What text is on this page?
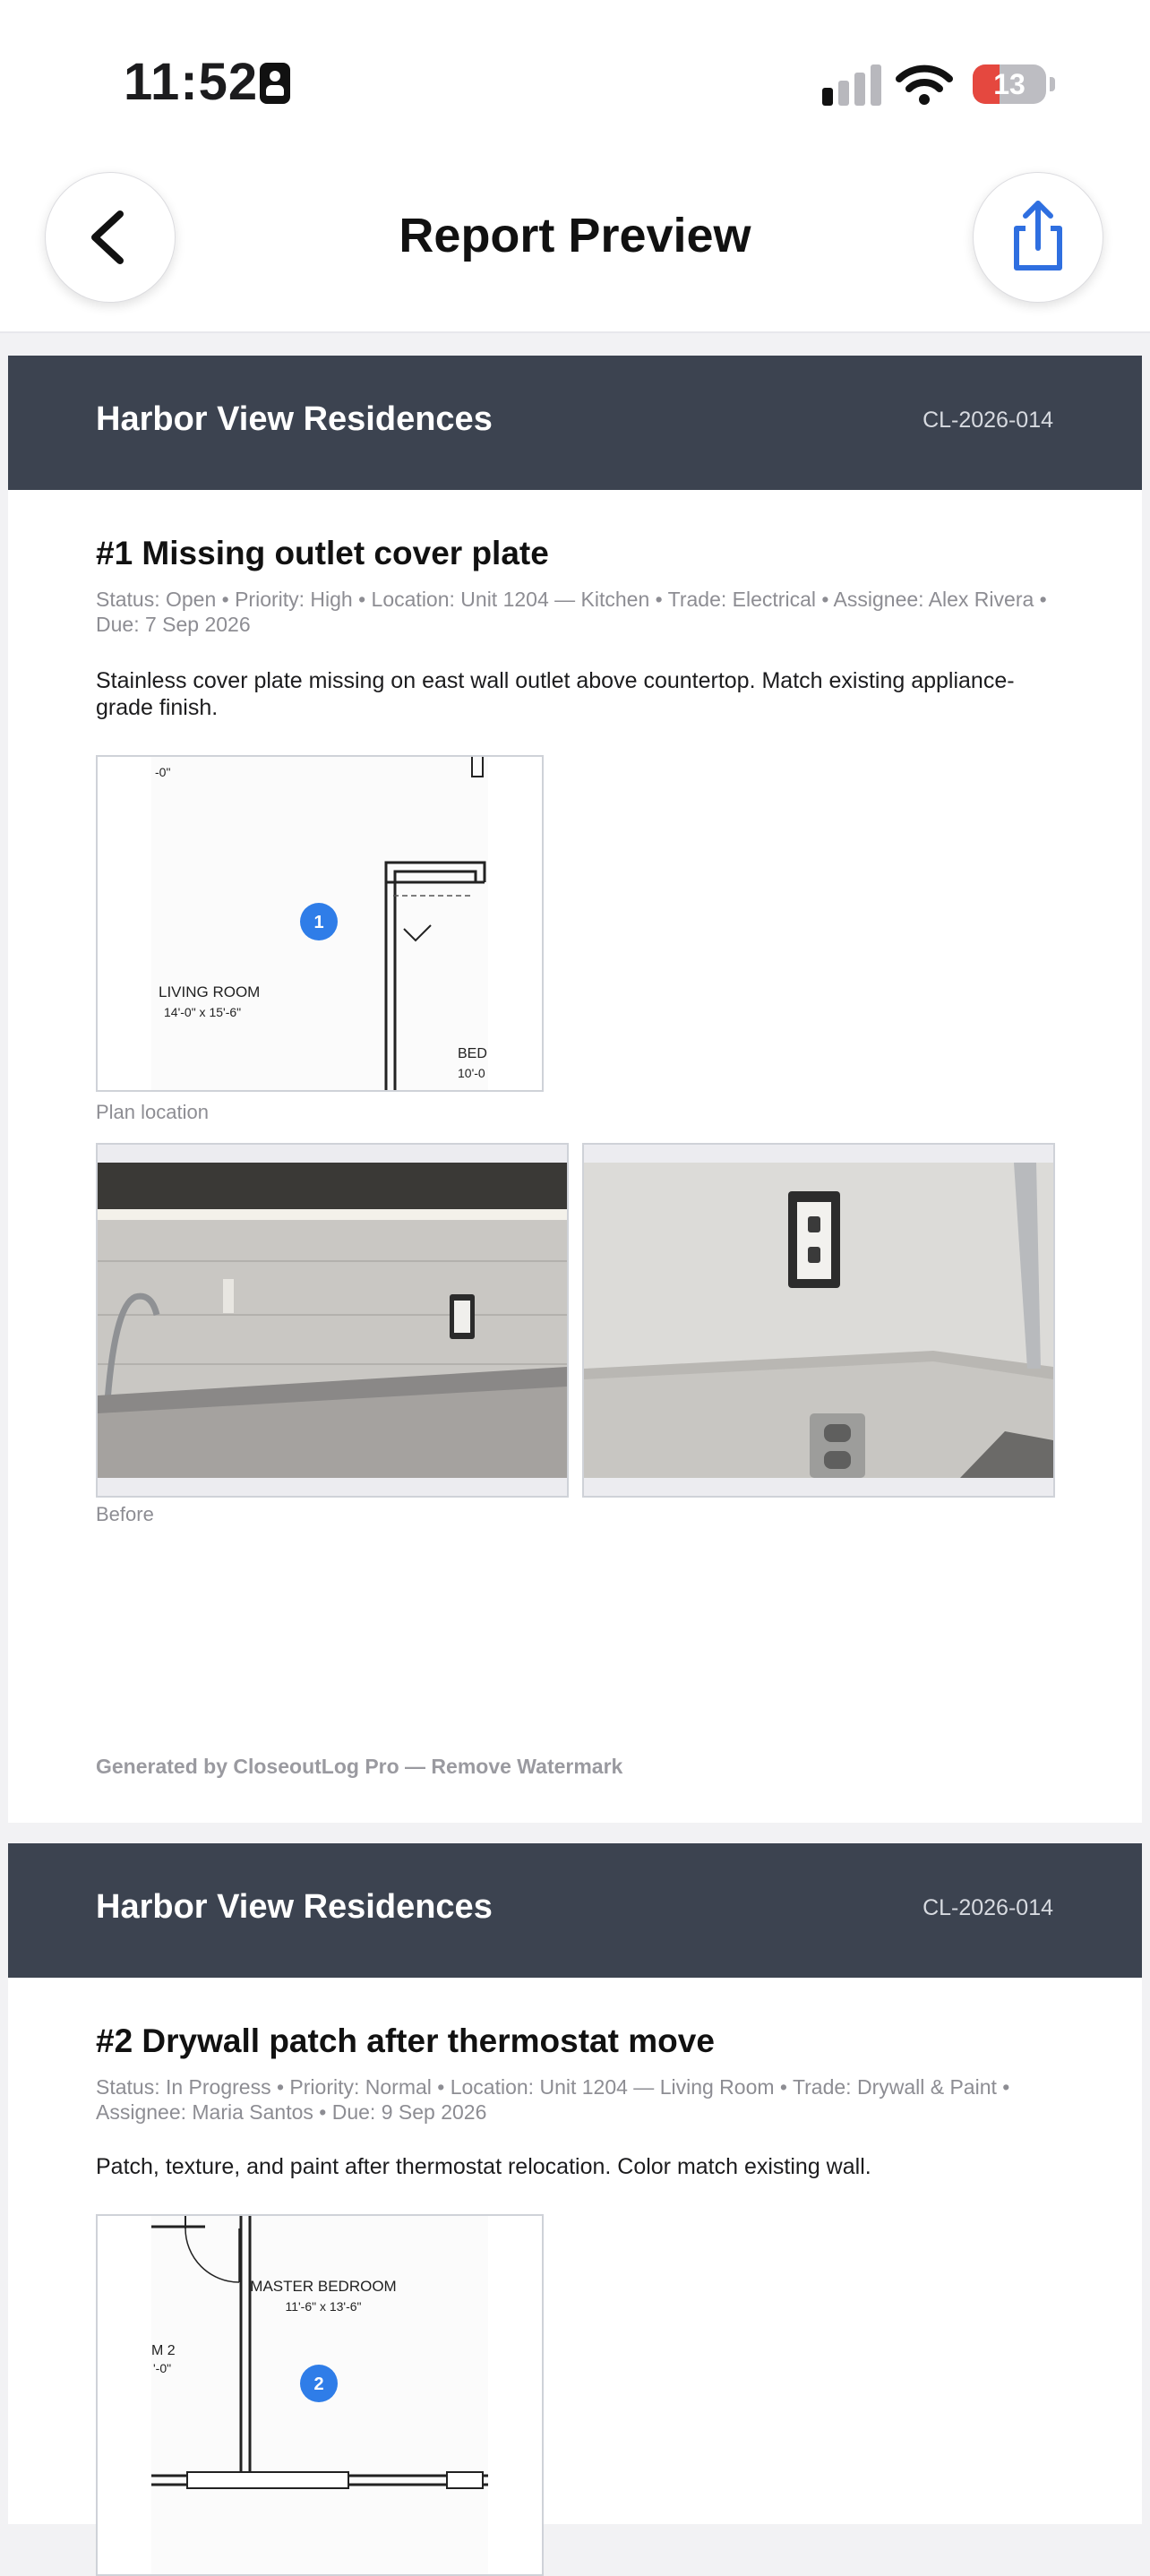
11:52	13
Report Preview
Harbor View Residences	CL-2026-014
#1 Missing outlet cover plate
Status: Open • Priority: High • Location: Unit 1204 — Kitchen • Trade: Electrical • Assignee: Alex Rivera • Due: 7 Sep 2026
Stainless cover plate missing on east wall outlet above countertop. Match existing appliance-grade finish.
-0"
LIVING ROOM
14'-0" x 15'-6"
BED
10'-0
1
Plan location
Before
Generated by CloseoutLog Pro — Remove Watermark
Harbor View Residences	CL-2026-014
#2 Drywall patch after thermostat move
Status: In Progress • Priority: Normal • Location: Unit 1204 — Living Room • Trade: Drywall & Paint • Assignee: Maria Santos • Due: 9 Sep 2026
Patch, texture, and paint after thermostat relocation. Color match existing wall.
MASTER BEDROOM
11'-6" x 13'-6"
M 2
'-0"
2
